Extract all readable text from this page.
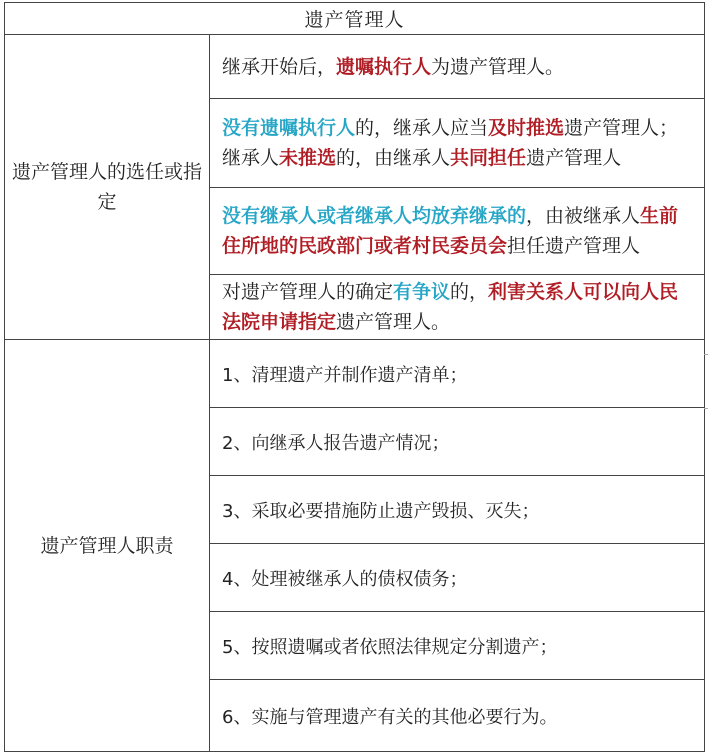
遗产管理人	
遗产管理人的选任或指定	继承开始后，遗嘱执行人为遗产管理人。
	没有遗嘱执行人的，继承人应当及时推选遗产管理人；继承人未推选的，由继承人共同担任遗产管理人
	没有继承人或者继承人均放弃继承的，由被继承人生前住所地的民政部门或者村民委员会担任遗产管理人
	对遗产管理人的确定有争议的，利害关系人可以向人民法院申请指定遗产管理人。
遗产管理人职责	1、清理遗产并制作遗产清单；
	2、向继承人报告遗产情况；
	3、采取必要措施防止遗产毁损、灭失；
	4、处理被继承人的债权债务；
	5、按照遗嘱或者依照法律规定分割遗产；
	6、实施与管理遗产有关的其他必要行为。
